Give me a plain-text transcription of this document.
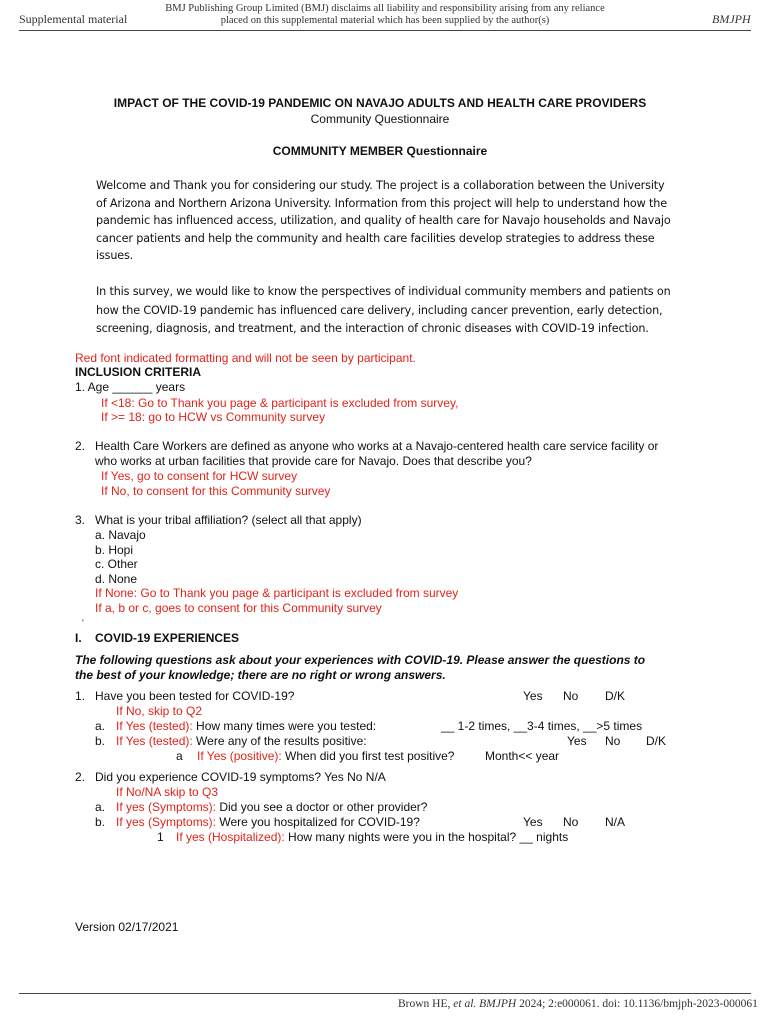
Supplemental material
BMJ Publishing Group Limited (BMJ) disclaims all liability and responsibility arising from any reliance
placed on this supplemental material which has been supplied by the author(s)	BMJPH
IMPACT OF THE COVID-19 PANDEMIC ON NAVAJO ADULTS AND HEALTH CARE PROVIDERS
Community Questionnaire
COMMUNITY MEMBER Questionnaire
Welcome and Thank you for considering our study. The project is a collaboration between the University
of Arizona and Northern Arizona University. Information from this project will help to understand how the
pandemic has influenced access, utilization, and quality of health care for Navajo households and Navajo
cancer patients and help the community and health care facilities develop strategies to address these
issues.
In this survey, we would like to know the perspectives of individual community members and patients on
how the COVID-19 pandemic has influenced care delivery, including cancer prevention, early detection,
screening, diagnosis, and treatment, and the interaction of chronic diseases with COVID-19 infection.
Red font indicated formatting and will not be seen by participant.
INCLUSION CRITERIA
1. Age ______ years
If <18: Go to Thank you page & participant is excluded from survey,
If >= 18: go to HCW vs Community survey
2. Health Care Workers are defined as anyone who works at a Navajo-centered health care service facility or
who works at urban facilities that provide care for Navajo. Does that describe you?
If Yes, go to consent for HCW survey
If No, to consent for this Community survey
3. What is your tribal affiliation? (select all that apply)
a. Navajo
b. Hopi
c. Other
d. None
If None: Go to Thank you page & participant is excluded from survey
If a, b or c, goes to consent for this Community survey
'
I. COVID-19 EXPERIENCES
The following questions ask about your experiences with COVID-19. Please answer the questions to
the best of your knowledge; there are no right or wrong answers.
1. Have you been tested for COVID-19?	Yes No D/K
If No, skip to Q2
a. If Yes (tested): How many times were you tested:	__ 1-2 times, __3-4 times, __>5 times
b. If Yes (tested): Were any of the results positive:	Yes No D/K
a If Yes (positive): When did you first test positive?	Month<< year
2. Did you experience COVID-19 symptoms? Yes No N/A
If No/NA skip to Q3
a. If yes (Symptoms): Did you see a doctor or other provider?
b. If yes (Symptoms): Were you hospitalized for COVID-19?	Yes No N/A
1 If yes (Hospitalized): How many nights were you in the hospital? __ nights
Version 02/17/2021
Brown HE, et al. BMJPH 2024; 2:e000061. doi: 10.1136/bmjph-2023-000061
